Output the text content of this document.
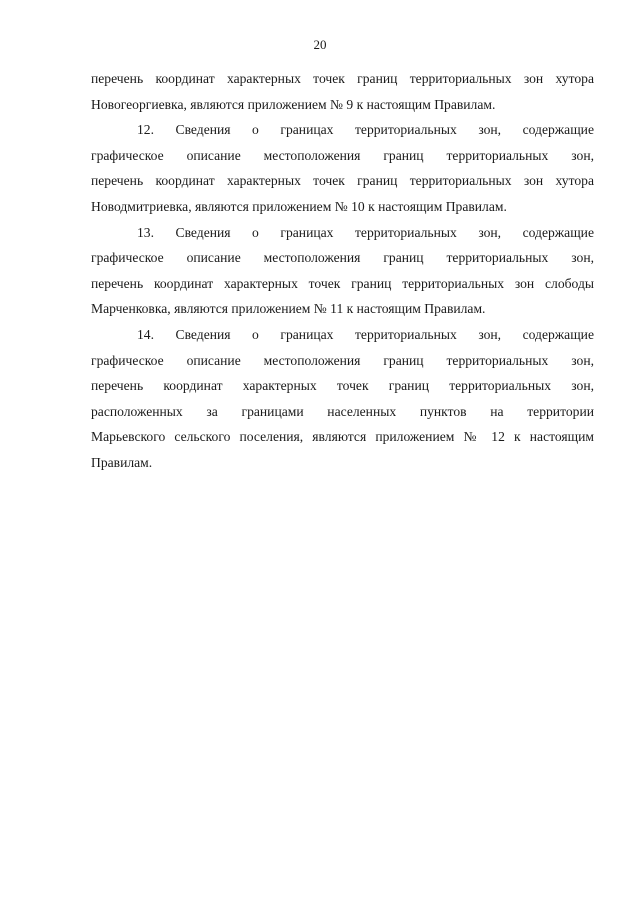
20
перечень координат характерных точек границ территориальных зон хутора
Новогеоргиевка, являются приложением № 9 к настоящим Правилам.
12. Сведения о границах территориальных зон, содержащие
графическое описание местоположения границ территориальных зон,
перечень координат характерных точек границ территориальных зон хутора
Новодмитриевка, являются приложением № 10 к настоящим Правилам.
13. Сведения о границах территориальных зон, содержащие
графическое описание местоположения границ территориальных зон,
перечень координат характерных точек границ территориальных зон слободы
Марченковка, являются приложением № 11 к настоящим Правилам.
14. Сведения о границах территориальных зон, содержащие
графическое описание местоположения границ территориальных зон,
перечень координат характерных точек границ территориальных зон,
расположенных за границами населенных пунктов на территории
Марьевского сельского поселения, являются приложением № 12 к настоящим
Правилам.
